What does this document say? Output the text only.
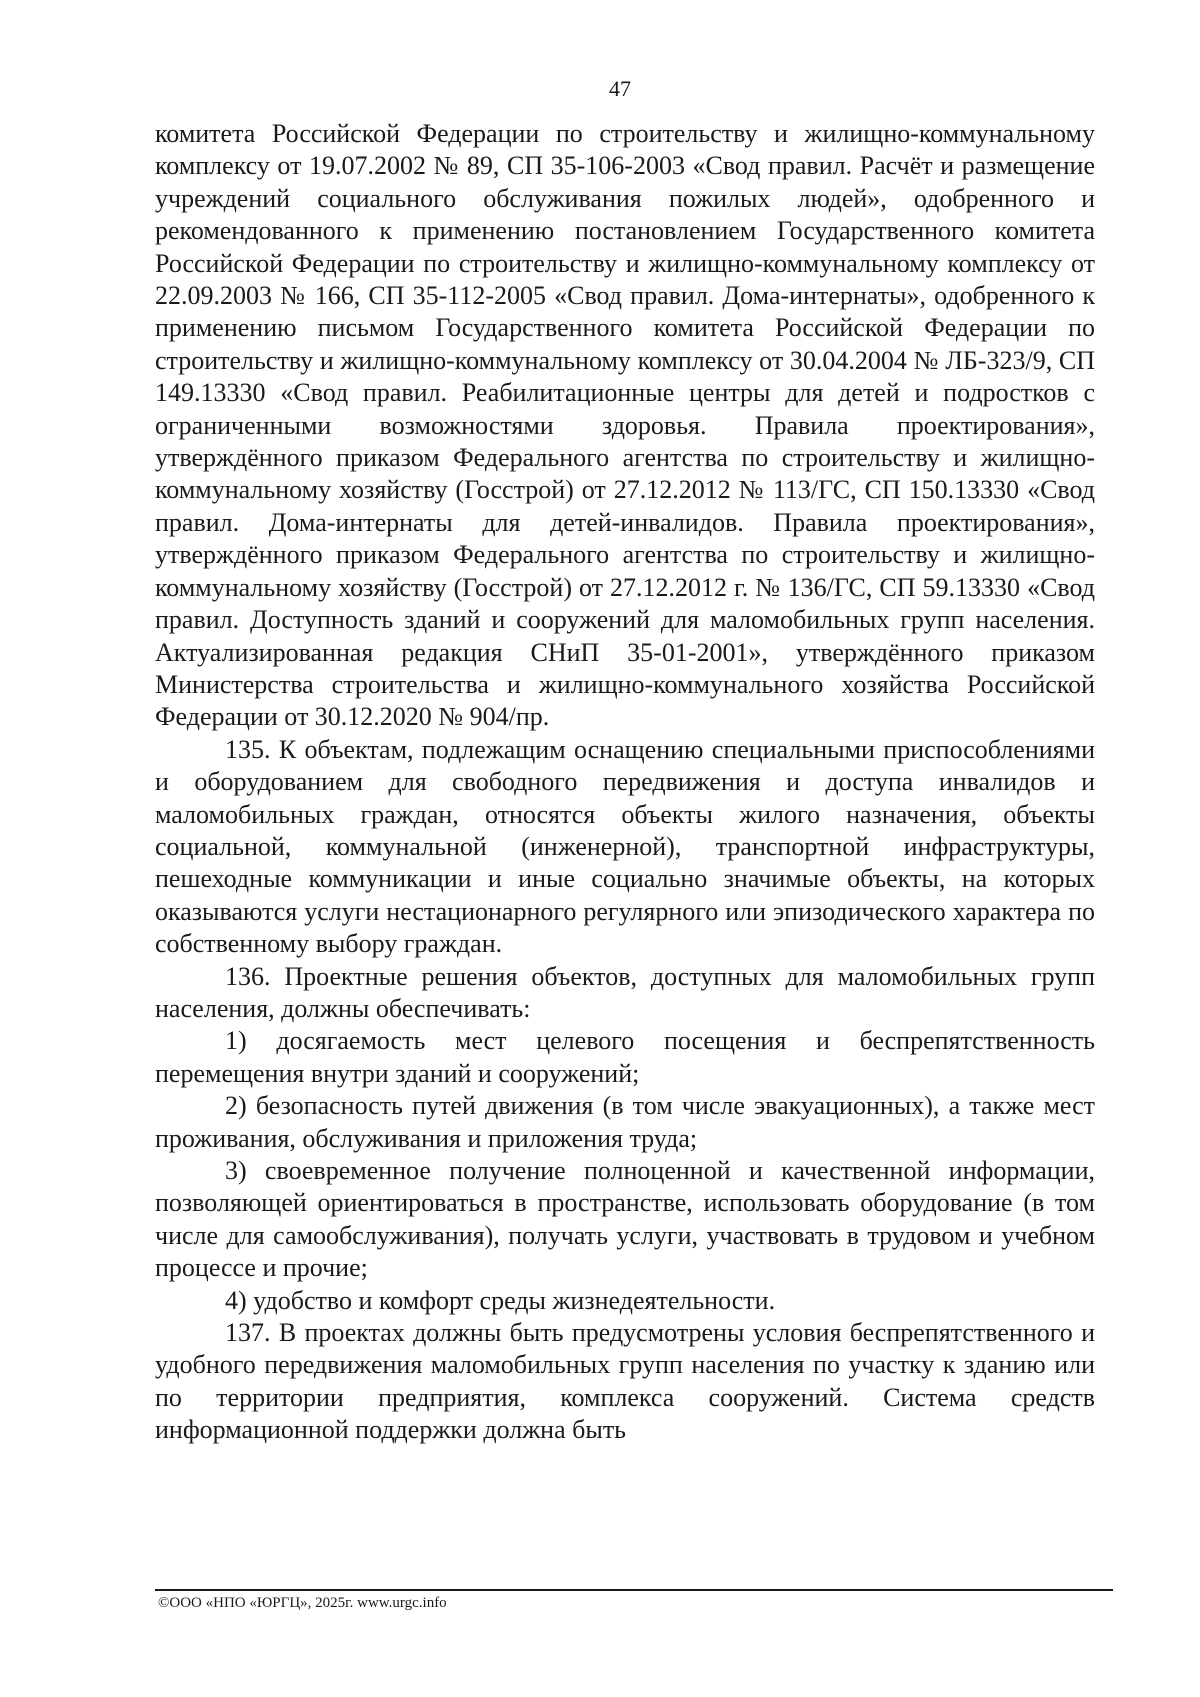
47

комитета Российской Федерации по строительству и жилищно-коммунальному комплексу от 19.07.2002 № 89, СП 35-106-2003 «Свод правил. Расчёт и размещение учреждений социального обслуживания пожилых людей», одобренного и рекомендованного к применению постановлением Государственного комитета Российской Федерации по строительству и жилищно-коммунальному комплексу от 22.09.2003 № 166, СП 35-112-2005 «Свод правил. Дома-интернаты», одобренного к применению письмом Государственного комитета Российской Федерации по строительству и жилищно-коммунальному комплексу от 30.04.2004 № ЛБ-323/9, СП 149.13330 «Свод правил. Реабилитационные центры для детей и подростков с ограниченными возможностями здоровья. Правила проектирования», утверждённого приказом Федерального агентства по строительству и жилищно-коммунальному хозяйству (Госстрой) от 27.12.2012 № 113/ГС, СП 150.13330 «Свод правил. Дома-интернаты для детей-инвалидов. Правила проектирования», утверждённого приказом Федерального агентства по строительству и жилищно-коммунальному хозяйству (Госстрой) от 27.12.2012 г. № 136/ГС, СП 59.13330 «Свод правил. Доступность зданий и сооружений для маломобильных групп населения. Актуализированная редакция СНиП 35-01-2001», утверждённого приказом Министерства строительства и жилищно-коммунального хозяйства Российской Федерации от 30.12.2020 № 904/пр.

135. К объектам, подлежащим оснащению специальными приспособлениями и оборудованием для свободного передвижения и доступа инвалидов и маломобильных граждан, относятся объекты жилого назначения, объекты социальной, коммунальной (инженерной), транспортной инфраструктуры, пешеходные коммуникации и иные социально значимые объекты, на которых оказываются услуги нестационарного регулярного или эпизодического характера по собственному выбору граждан.

136. Проектные решения объектов, доступных для маломобильных групп населения, должны обеспечивать:

1) досягаемость мест целевого посещения и беспрепятственность перемещения внутри зданий и сооружений;

2) безопасность путей движения (в том числе эвакуационных), а также мест проживания, обслуживания и приложения труда;

3) своевременное получение полноценной и качественной информации, позволяющей ориентироваться в пространстве, использовать оборудование (в том числе для самообслуживания), получать услуги, участвовать в трудовом и учебном процессе и прочие;

4) удобство и комфорт среды жизнедеятельности.

137. В проектах должны быть предусмотрены условия беспрепятственного и удобного передвижения маломобильных групп населения по участку к зданию или по территории предприятия, комплекса сооружений. Система средств информационной поддержки должна быть

©ООО «НПО «ЮРГЦ», 2025г. www.urgc.info
